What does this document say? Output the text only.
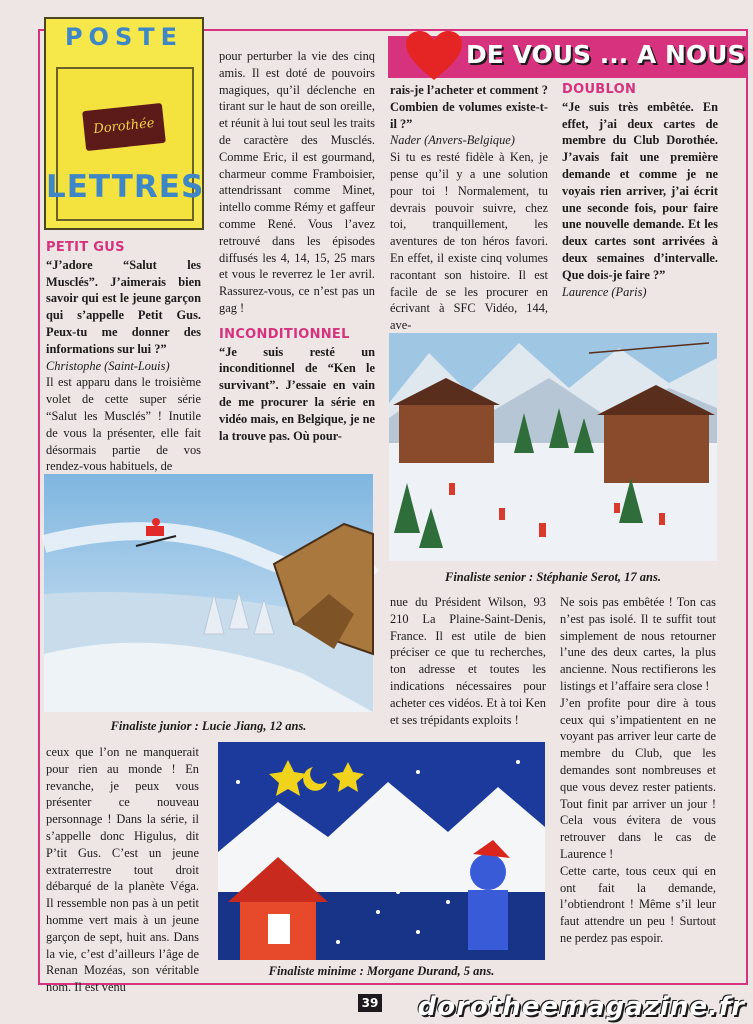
POSTE
Dorothée
LETTRES
DE VOUS ... A NOUS

PETIT GUS

“J’adore “Salut les Musclés”. J’aimerais bien savoir qui est le jeune garçon qui s’appelle Petit Gus. Peux-tu me donner des informations sur lui ?”

Christophe (Saint-Louis)

Il est apparu dans le troisième volet de cette super série “Salut les Musclés” ! Inutile de vous la présenter, elle fait désormais partie de vos rendez-vous habituels, de

pour perturber la vie des cinq amis. Il est doté de pouvoirs magiques, qu’il déclenche en tirant sur le haut de son oreille, et réunit à lui tout seul les traits de caractère des Musclés. Comme Eric, il est gourmand, charmeur comme Framboisier, attendrissant comme Minet, intello comme Rémy et gaffeur comme René. Vous l’avez retrouvé dans les épisodes diffusés les 4, 14, 15, 25 mars et vous le reverrez le 1er avril. Rassurez-vous, ce n’est pas un gag !

INCONDITIONNEL

“Je suis resté un inconditionnel de “Ken le survivant”. J’essaie en vain de me procurer la série en vidéo mais, en Belgique, je ne la trouve pas. Où pour-

rais-je l’acheter et comment ? Combien de volumes existe-t-il ?”

Nader (Anvers-Belgique)

Si tu es resté fidèle à Ken, je pense qu’il y a une solution pour toi ! Normalement, tu devrais pouvoir suivre, chez toi, tranquillement, les aventures de ton héros favori. En effet, il existe cinq volumes racontant son histoire. Il est facile de se les procurer en écrivant à SFC Vidéo, 144, ave-

DOUBLON

“Je suis très embêtée. En effet, j’ai deux cartes de membre du Club Dorothée. J’avais fait une première demande et comme je ne voyais rien arriver, j’ai écrit une seconde fois, pour faire une nouvelle demande. Et les deux cartes sont arrivées à deux semaines d’intervalle. Que dois-je faire ?”

Laurence (Paris)

Finaliste senior : Stéphanie Serot, 17 ans.
Finaliste junior : Lucie Jiang, 12 ans.

nue du Président Wilson, 93 210 La Plaine-Saint-Denis, France. Il est utile de bien préciser ce que tu recherches, ton adresse et toutes les indications nécessaires pour acheter ces vidéos. Et à toi Ken et ses trépidants exploits !

Ne sois pas embêtée ! Ton cas n’est pas isolé. Il te suffit tout simplement de nous retourner l’une des deux cartes, la plus ancienne. Nous rectifierons les listings et l’affaire sera close !

J’en profite pour dire à tous ceux qui s’impatientent en ne voyant pas arriver leur carte de membre du Club, que les demandes sont nombreuses et que vous devez rester patients. Tout finit par arriver un jour ! Cela vous évitera de vous retrouver dans le cas de Laurence !

Cette carte, tous ceux qui en ont fait la demande, l’obtiendront ! Même s’il leur faut attendre un peu ! Surtout ne perdez pas espoir.

ceux que l’on ne manquerait pour rien au monde ! En revanche, je peux vous présenter ce nouveau personnage ! Dans la série, il s’appelle donc Higulus, dit P’tit Gus. C’est un jeune extraterrestre tout droit débarqué de la planète Véga. Il ressemble non pas à un petit homme vert mais à un jeune garçon de sept, huit ans. Dans la vie, c’est d’ailleurs l’âge de Renan Mozéas, son véritable nom. Il est venu

Finaliste minime : Morgane Durand, 5 ans.
39 dorotheemagazine.fr
